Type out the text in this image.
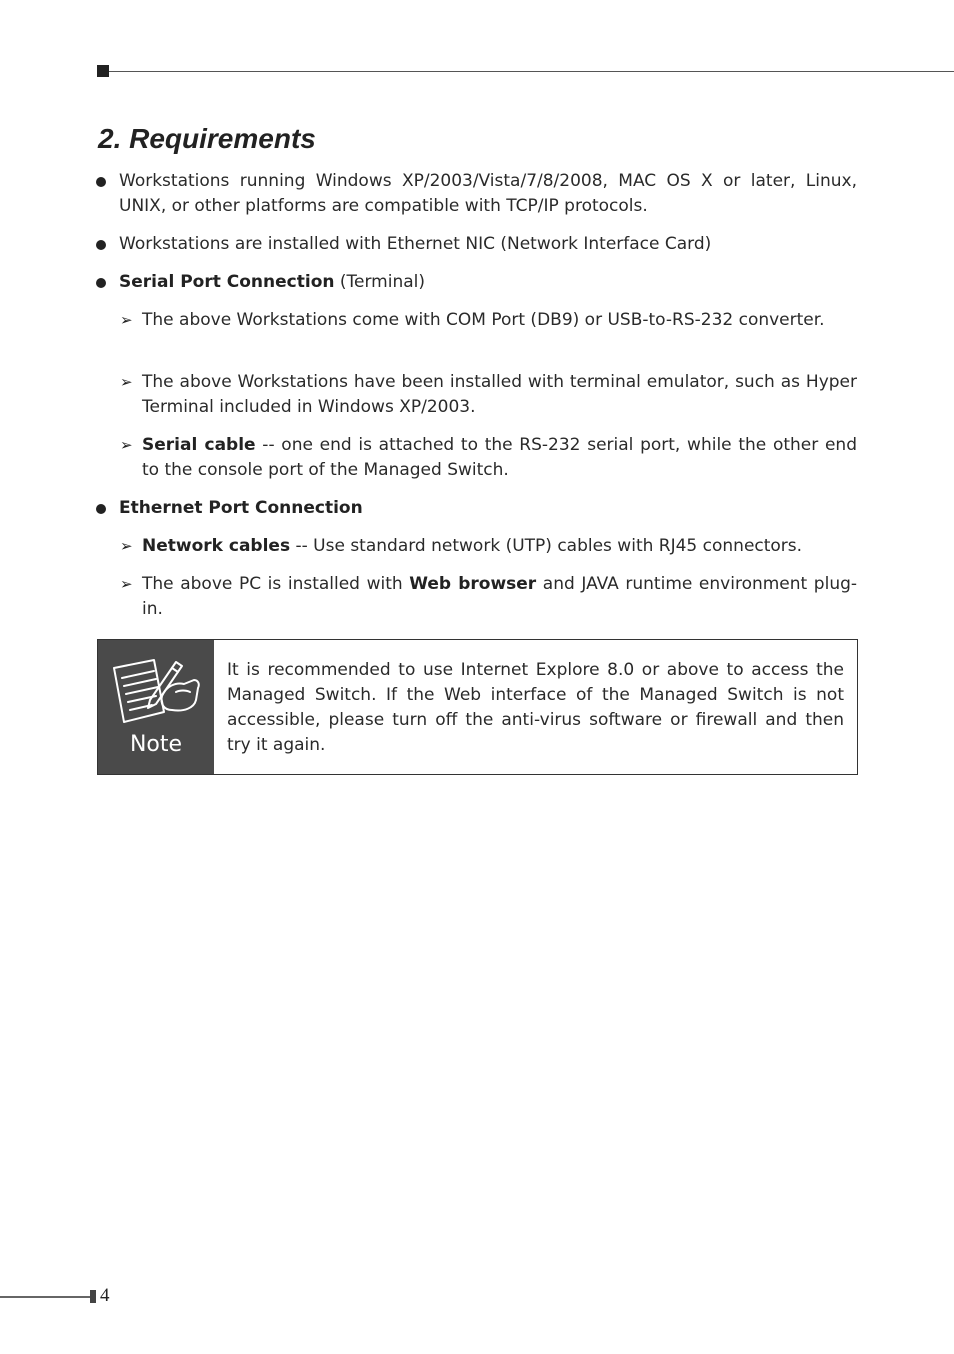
2. Requirements
Workstations running Windows XP/2003/Vista/7/8/2008, MAC OS X or later, Linux, UNIX, or other platforms are compatible with TCP/IP protocols.
Workstations are installed with Ethernet NIC (Network Interface Card)
Serial Port Connection (Terminal)
➢ The above Workstations come with COM Port (DB9) or USB-to-RS-232 converter.
➢ The above Workstations have been installed with terminal emulator, such as Hyper Terminal included in Windows XP/2003.
➢ Serial cable -- one end is attached to the RS-232 serial port, while the other end to the console port of the Managed Switch.
Ethernet Port Connection
➢ Network cables -- Use standard network (UTP) cables with RJ45 connectors.
➢ The above PC is installed with Web browser and JAVA runtime environment plug-in.
Note
It is recommended to use Internet Explore 8.0 or above to access the Managed Switch. If the Web interface of the Managed Switch is not accessible, please turn off the anti-virus software or firewall and then try it again.
4
